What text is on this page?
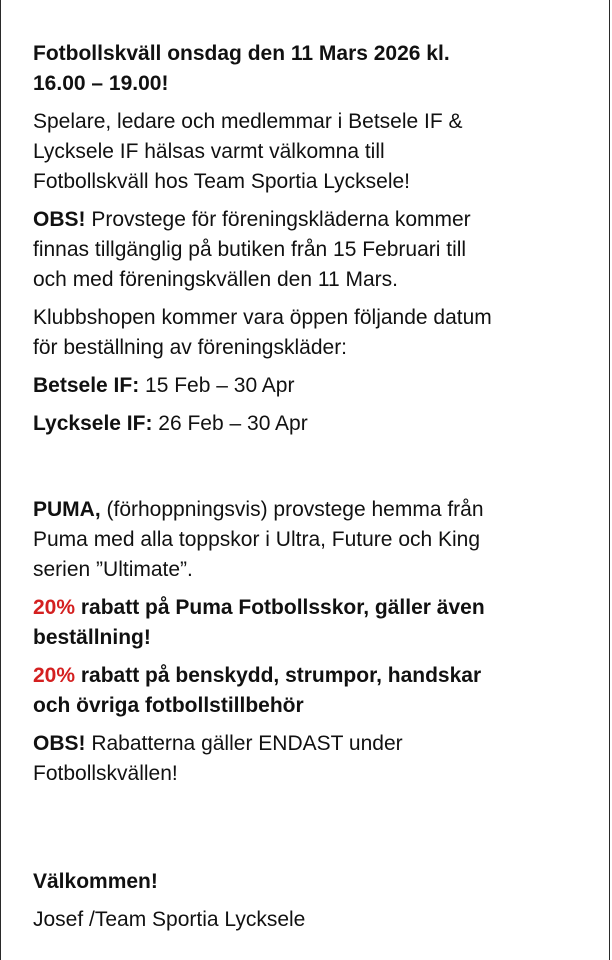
Fotbollskväll onsdag den 11 Mars 2026 kl.
16.00 – 19.00!
Spelare, ledare och medlemmar i Betsele IF &
Lycksele IF hälsas varmt välkomna till
Fotbollskväll hos Team Sportia Lycksele!
OBS! Provstege för föreningskläderna kommer
finnas tillgänglig på butiken från 15 Februari till
och med föreningskvällen den 11 Mars.
Klubbshopen kommer vara öppen följande datum
för beställning av föreningskläder:
Betsele IF: 15 Feb – 30 Apr
Lycksele IF: 26 Feb – 30 Apr
PUMA, (förhoppningsvis) provstege hemma från
Puma med alla toppskor i Ultra, Future och King
serien ”Ultimate”.
20% rabatt på Puma Fotbollsskor, gäller även
beställning!
20% rabatt på benskydd, strumpor, handskar
och övriga fotbollstillbehör
OBS! Rabatterna gäller ENDAST under
Fotbollskvällen!
Välkommen!
Josef /Team Sportia Lycksele
